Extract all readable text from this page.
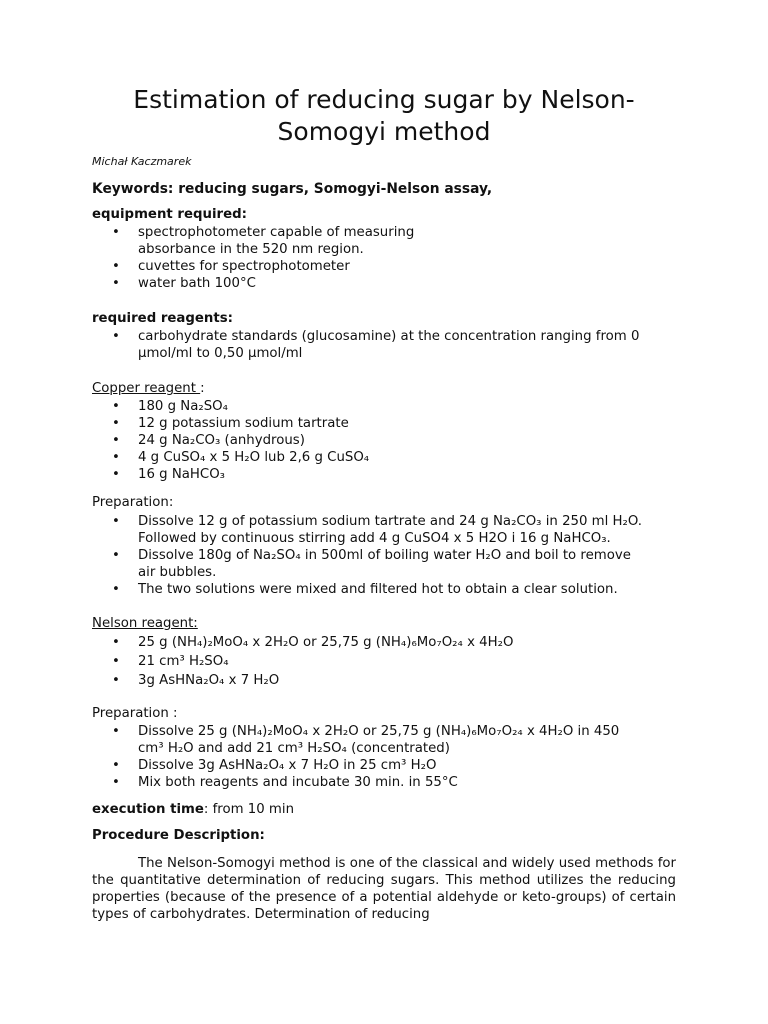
Estimation of reducing sugar by Nelson-Somogyi method
Michał Kaczmarek
Keywords: reducing sugars, Somogyi-Nelson assay,
equipment required:
• spectrophotometer capable of measuring
absorbance in the 520 nm region.
• cuvettes for spectrophotometer
• water bath 100°C
required reagents:
• carbohydrate standards (glucosamine) at the concentration ranging from 0
µmol/ml to 0,50 µmol/ml
Copper reagent :
• 180 g Na₂SO₄
• 12 g potassium sodium tartrate
• 24 g Na₂CO₃ (anhydrous)
• 4 g CuSO₄ x 5 H₂O lub 2,6 g CuSO₄
• 16 g NaHCO₃
Preparation:
• Dissolve 12 g of potassium sodium tartrate and 24 g Na₂CO₃ in 250 ml H₂O.
Followed by continuous stirring add 4 g CuSO4 x 5 H2O i 16 g NaHCO₃.
• Dissolve 180g of Na₂SO₄ in 500ml of boiling water H₂O and boil to remove
air bubbles.
• The two solutions were mixed and filtered hot to obtain a clear solution.
Nelson reagent:
• 25 g (NH₄)₂MoO₄ x 2H₂O or 25,75 g (NH₄)₆Mo₇O₂₄ x 4H₂O
• 21 cm³ H₂SO₄
• 3g AsHNa₂O₄ x 7 H₂O
Preparation :
• Dissolve 25 g (NH₄)₂MoO₄ x 2H₂O or 25,75 g (NH₄)₆Mo₇O₂₄ x 4H₂O in 450
cm³ H₂O and add 21 cm³ H₂SO₄ (concentrated)
• Dissolve 3g AsHNa₂O₄ x 7 H₂O in 25 cm³ H₂O
• Mix both reagents and incubate 30 min. in 55°C
execution time: from 10 min
Procedure Description:
The Nelson-Somogyi method is one of the classical and widely used methods for the quantitative determination of reducing sugars. This method utilizes the reducing properties (because of the presence of a potential aldehyde or keto-groups) of certain types of carbohydrates. Determination of reducing
